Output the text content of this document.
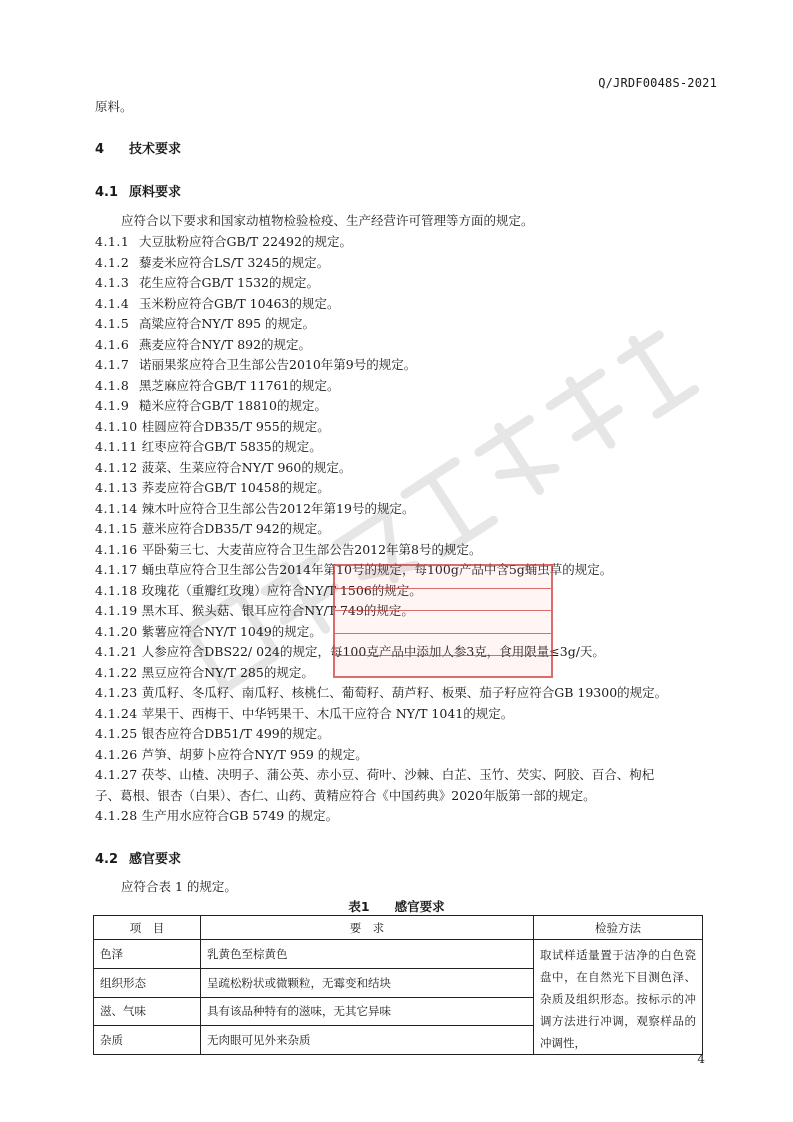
Q/JRDF0048S-2021
原料。
4 技术要求
4.1 原料要求
应符合以下要求和国家动植物检验检疫、生产经营许可管理等方面的规定。
4.1.1 大豆肽粉应符合GB/T 22492的规定。
4.1.2 藜麦米应符合LS/T 3245的规定。
4.1.3 花生应符合GB/T 1532的规定。
4.1.4 玉米粉应符合GB/T 10463的规定。
4.1.5 高粱应符合NY/T 895 的规定。
4.1.6 燕麦应符合NY/T 892的规定。
4.1.7 诺丽果浆应符合卫生部公告2010年第9号的规定。
4.1.8 黑芝麻应符合GB/T 11761的规定。
4.1.9 糙米应符合GB/T 18810的规定。
4.1.10 桂圆应符合DB35/T 955的规定。
4.1.11 红枣应符合GB/T 5835的规定。
4.1.12 菠菜、生菜应符合NY/T 960的规定。
4.1.13 荞麦应符合GB/T 10458的规定。
4.1.14 辣木叶应符合卫生部公告2012年第19号的规定。
4.1.15 薏米应符合DB35/T 942的规定。
4.1.16 平卧菊三七、大麦苗应符合卫生部公告2012年第8号的规定。
4.1.17 蛹虫草应符合卫生部公告2014年第10号的规定，每100g产品中含5g蛹虫草的规定。
4.1.18 玫瑰花（重瓣红玫瑰）应符合NY/T 1506的规定。
4.1.19 黑木耳、猴头菇、银耳应符合NY/T 749的规定。
4.1.20 紫薯应符合NY/T 1049的规定。
4.1.21 人参应符合DBS22/ 024的规定，每100克产品中添加人参3克，食用限量≤3g/天。
4.1.22 黑豆应符合NY/T 285的规定。
4.1.23 黄瓜籽、冬瓜籽、南瓜籽、核桃仁、葡萄籽、葫芦籽、板栗、茄子籽应符合GB 19300的规定。
4.1.24 苹果干、西梅干、中华钙果干、木瓜干应符合 NY/T 1041的规定。
4.1.25 银杏应符合DB51/T 499的规定。
4.1.26 芦笋、胡萝卜应符合NY/T 959 的规定。
4.1.27 茯苓、山楂、决明子、蒲公英、赤小豆、荷叶、沙棘、白芷、玉竹、芡实、阿胶、百合、枸杞
子、葛根、银杏（白果）、杏仁、山药、黄精应符合《中国药典》2020年版第一部的规定。
4.1.28 生产用水应符合GB 5749 的规定。
4.2 感官要求
应符合表 1 的规定。
表1　　感官要求
项　目	要　求	检验方法
色泽	乳黄色至棕黄色	取试样适量置于洁净的白色瓷盘中，在自然光下目测色泽、杂质及组织形态。按标示的冲调方法进行冲调，观察样品的冲调性，
组织形态	呈疏松粉状或微颗粒，无霉变和结块	
滋、气味	具有该品种特有的滋味，无其它异味	
杂质	无肉眼可见外来杂质	
4
